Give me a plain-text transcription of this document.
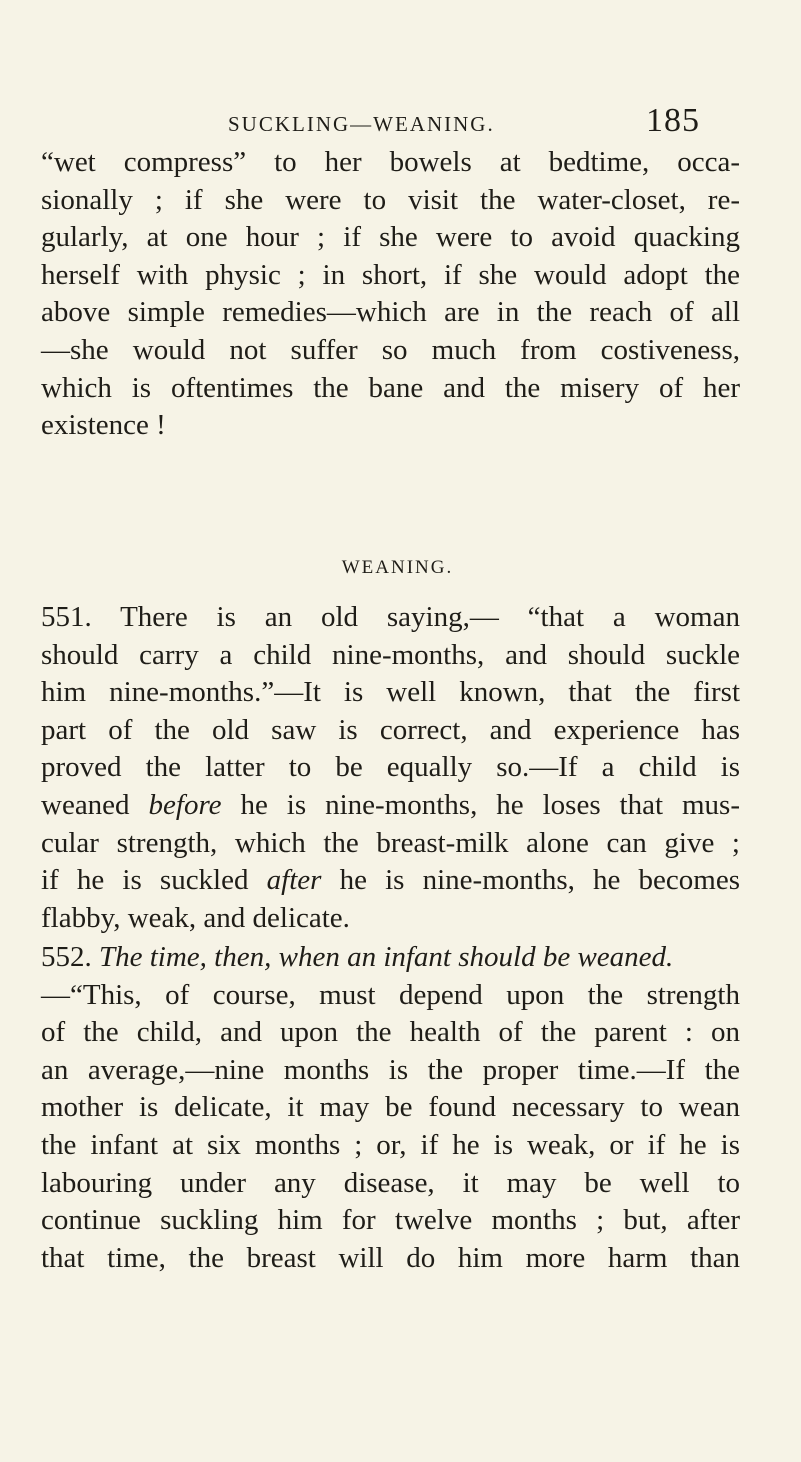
SUCKLING—WEANING.	185
“wet compress” to her bowels at bedtime, occa-
sionally ; if she were to visit the water-closet, re-
gularly, at one hour ; if she were to avoid quacking
herself with physic ; in short, if she would adopt the
above simple remedies—which are in the reach of all
—she would not suffer so much from costiveness,
which is oftentimes the bane and the misery of her
existence !
WEANING.
551. There is an old saying,— “that a woman
should carry a child nine-months, and should suckle
him nine-months.”—It is well known, that the first
part of the old saw is correct, and experience has
proved the latter to be equally so.—If a child is
weaned before he is nine-months, he loses that mus-
cular strength, which the breast-milk alone can give ;
if he is suckled after he is nine-months, he becomes
flabby, weak, and delicate.
552. The time, then, when an infant should be weaned.
—“This, of course, must depend upon the strength
of the child, and upon the health of the parent : on
an average,—nine months is the proper time.—If the
mother is delicate, it may be found necessary to wean
the infant at six months ; or, if he is weak, or if he is
labouring under any disease, it may be well to
continue suckling him for twelve months ; but, after
that time, the breast will do him more harm than
